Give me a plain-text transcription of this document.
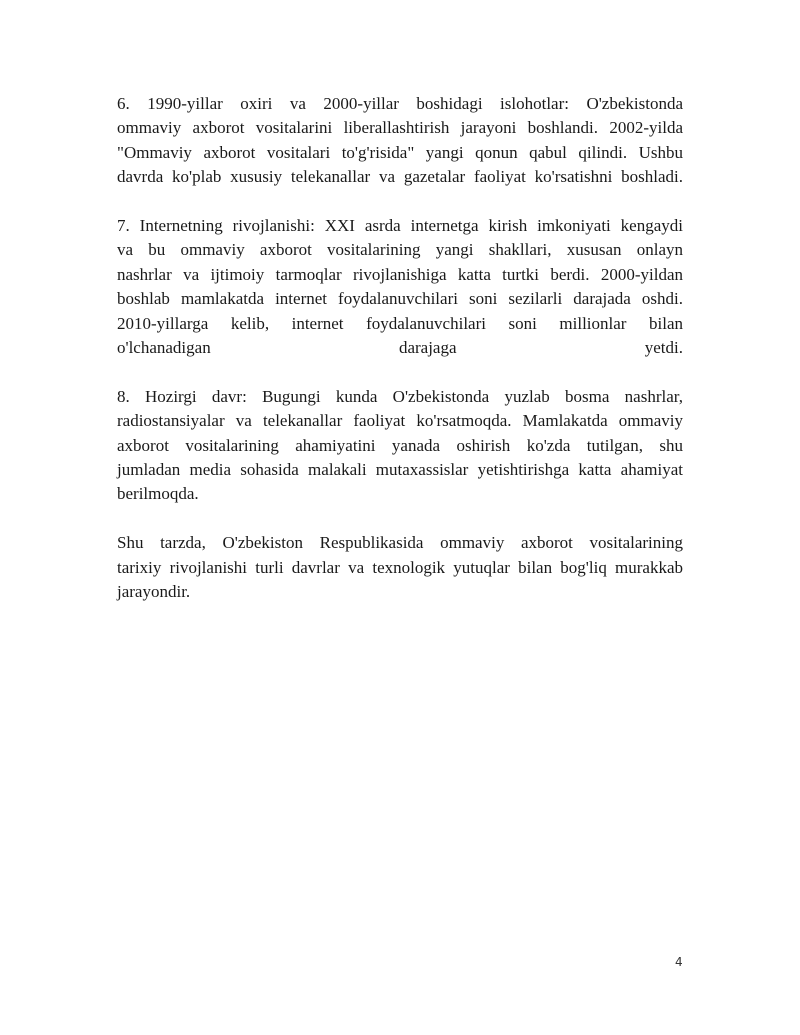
6. 1990-yillar oxiri va 2000-yillar boshidagi islohotlar: O'zbekistonda
ommaviy axborot vositalarini liberallashtirish jarayoni boshlandi. 2002-yilda
"Ommaviy axborot vositalari to'g'risida" yangi qonun qabul qilindi. Ushbu
davrda ko'plab xususiy telekanallar va gazetalar faoliyat ko'rsatishni boshladi.

7. Internetning rivojlanishi: XXI asrda internetga kirish imkoniyati kengaydi
va bu ommaviy axborot vositalarining yangi shakllari, xususan onlayn
nashrlar va ijtimoiy tarmoqlar rivojlanishiga katta turtki berdi. 2000-yildan
boshlab mamlakatda internet foydalanuvchilari soni sezilarli darajada oshdi.
2010-yillarga kelib, internet foydalanuvchilari soni millionlar bilan
o'lchanadigan darajaga yetdi.

8. Hozirgi davr: Bugungi kunda O'zbekistonda yuzlab bosma nashrlar,
radiostansiyalar va telekanallar faoliyat ko'rsatmoqda. Mamlakatda ommaviy
axborot vositalarining ahamiyatini yanada oshirish ko'zda tutilgan, shu
jumladan media sohasida malakali mutaxassislar yetishtirishga katta ahamiyat
berilmoqda.

Shu tarzda, O'zbekiston Respublikasida ommaviy axborot vositalarining
tarixiy rivojlanishi turli davrlar va texnologik yutuqlar bilan bog'liq murakkab
jarayondir.

4
